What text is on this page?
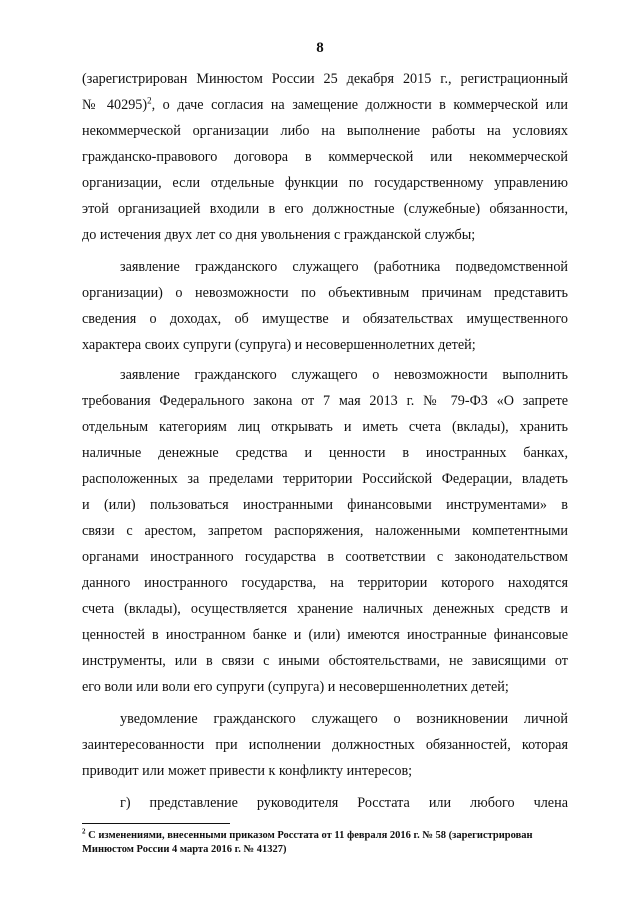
8
(зарегистрирован Минюстом России 25 декабря 2015 г., регистрационный
№ 40295)$^2$, о даче согласия на замещение должности в коммерческой или
некоммерческой организации либо на выполнение работы на условиях
гражданско-правового договора в коммерческой или некоммерческой
организации, если отдельные функции по государственному управлению
этой организацией входили в его должностные (служебные) обязанности,
до истечения двух лет со дня увольнения с гражданской службы;
заявление гражданского служащего (работника подведомственной
организации) о невозможности по объективным причинам представить
сведения о доходах, об имуществе и обязательствах имущественного
характера своих супруги (супруга) и несовершеннолетних детей;
заявление гражданского служащего о невозможности выполнить
требования Федерального закона от 7 мая 2013 г. № 79-ФЗ «О запрете
отдельным категориям лиц открывать и иметь счета (вклады), хранить
наличные денежные средства и ценности в иностранных банках,
расположенных за пределами территории Российской Федерации, владеть
и (или) пользоваться иностранными финансовыми инструментами» в
связи с арестом, запретом распоряжения, наложенными компетентными
органами иностранного государства в соответствии с законодательством
данного иностранного государства, на территории которого находятся
счета (вклады), осуществляется хранение наличных денежных средств и
ценностей в иностранном банке и (или) имеются иностранные финансовые
инструменты, или в связи с иными обстоятельствами, не зависящими от
его воли или воли его супруги (супруга) и несовершеннолетних детей;
уведомление гражданского служащего о возникновении личной
заинтересованности при исполнении должностных обязанностей, которая
приводит или может привести к конфликту интересов;
г) представление руководителя Росстата или любого члена
$^2$ С изменениями, внесенными приказом Росстата от 11 февраля 2016 г. № 58 (зарегистрирован
Минюстом России 4 марта 2016 г. № 41327)
